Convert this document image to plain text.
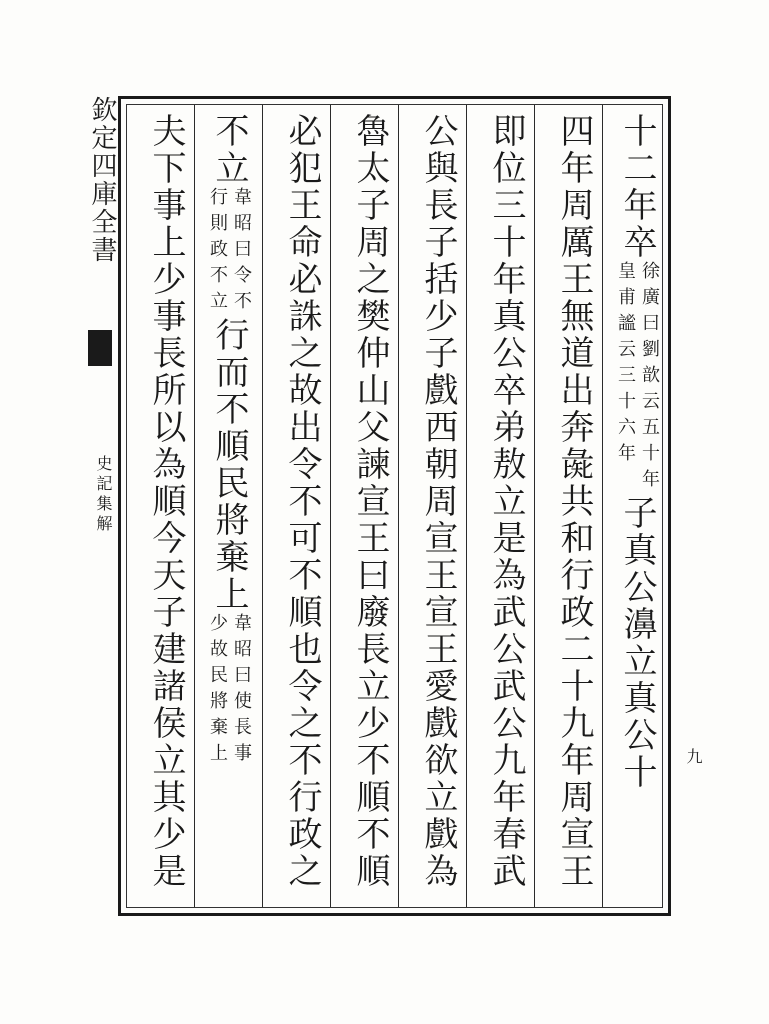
欽定四庫全書
史記集解
九
十二年卒
徐廣曰劉歆云五十年
皇甫謐云三十六年
子真公濞立真公十
四年周厲王無道出奔彘共和行政二十九年周宣王
即位三十年真公卒弟敖立是為武公武公九年春武
公與長子括少子戲西朝周宣王宣王愛戲欲立戲為
魯太子周之樊仲山父諫宣王曰廢長立少不順不順
必犯王命必誅之故出令不可不順也令之不行政之
不立
韋昭曰令不
行則政不立
行而不順民將棄上
韋昭曰使長事
少故民將棄上
夫下事上少事長所以為順今天子建諸侯立其少是
